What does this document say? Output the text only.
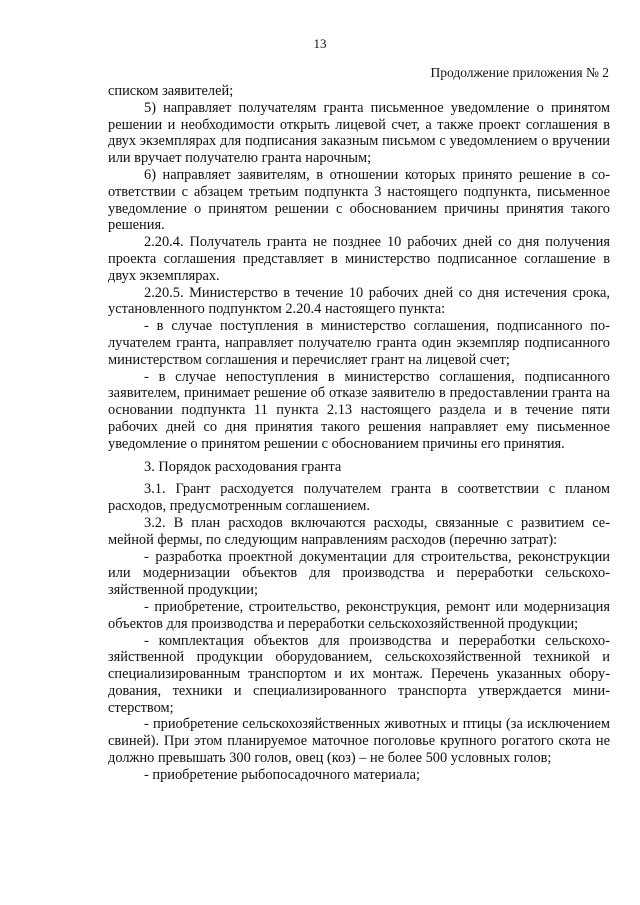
13
Продолжение приложения № 2

списком заявителей;

5) направляет получателям гранта письменное уведомление о принятом решении и необходимости открыть лицевой счет, а также проект соглашения в двух экземплярах для подписания заказным письмом с уведомлением о вручении или вручает получателю гранта нарочным;

6) направляет заявителям, в отношении которых принято решение в соответствии с абзацем третьим подпункта 3 настоящего подпункта, письменное уведомление о принятом решении с обоснованием причины принятия такого решения.

2.20.4. Получатель гранта не позднее 10 рабочих дней со дня получения проекта соглашения представляет в министерство подписанное соглашение в двух экземплярах.

2.20.5. Министерство в течение 10 рабочих дней со дня истечения срока, установленного подпунктом 2.20.4 настоящего пункта:

- в случае поступления в министерство соглашения, подписанного получателем гранта, направляет получателю гранта один экземпляр подписанного министерством соглашения и перечисляет грант на лицевой счет;

- в случае непоступления в министерство соглашения, подписанного заявителем, принимает решение об отказе заявителю в предоставлении гранта на основании подпункта 11 пункта 2.13 настоящего раздела и в течение пяти рабочих дней со дня принятия такого решения направляет ему письменное уведомление о принятом решении с обоснованием причины его принятия.

3. Порядок расходования гранта

3.1. Грант расходуется получателем гранта в соответствии с планом расходов, предусмотренным соглашением.

3.2. В план расходов включаются расходы, связанные с развитием семейной фермы, по следующим направлениям расходов (перечню затрат):

- разработка проектной документации для строительства, реконструкции или модернизации объектов для производства и переработки сельскохозяйственной продукции;

- приобретение, строительство, реконструкция, ремонт или модернизация объектов для производства и переработки сельскохозяйственной продукции;

- комплектация объектов для производства и переработки сельскохозяйственной продукции оборудованием, сельскохозяйственной техникой и специализированным транспортом и их монтаж. Перечень указанных оборудования, техники и специализированного транспорта утверждается министерством;

- приобретение сельскохозяйственных животных и птицы (за исключением свиней). При этом планируемое маточное поголовье крупного рогатого скота не должно превышать 300 голов, овец (коз) – не более 500 условных голов;

- приобретение рыбопосадочного материала;
